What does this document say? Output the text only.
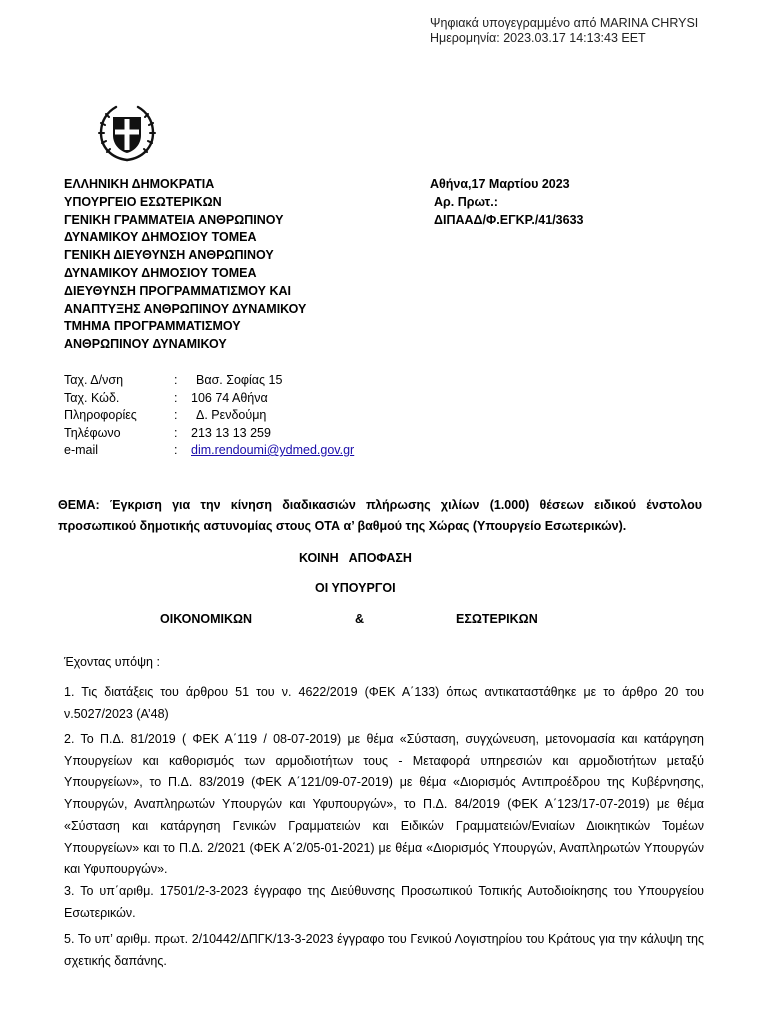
Ψηφιακά υπογεγραμμένο από MARINA CHRYSI
Ημερομηνία: 2023.03.17 14:13:43 EET
ΕΛΛΗΝΙΚΗ ΔΗΜΟΚΡΑΤΙΑ
ΥΠΟΥΡΓΕΙΟ ΕΣΩΤΕΡΙΚΩΝ
ΓΕΝΙΚΗ ΓΡΑΜΜΑΤΕΙΑ ΑΝΘΡΩΠΙΝΟΥ
ΔΥΝΑΜΙΚΟΥ ΔΗΜΟΣΙΟΥ ΤΟΜΕΑ
ΓΕΝΙΚΗ ΔΙΕΥΘΥΝΣΗ ΑΝΘΡΩΠΙΝΟΥ
ΔΥΝΑΜΙΚΟΥ ΔΗΜΟΣΙΟΥ ΤΟΜΕΑ
ΔΙΕΥΘΥΝΣΗ ΠΡΟΓΡΑΜΜΑΤΙΣΜΟΥ ΚΑΙ
ΑΝΑΠΤΥΞΗΣ ΑΝΘΡΩΠΙΝΟΥ ΔΥΝΑΜΙΚΟΥ
ΤΜΗΜΑ ΠΡΟΓΡΑΜΜΑΤΙΣΜΟΥ
ΑΝΘΡΩΠΙΝΟΥ ΔΥΝΑΜΙΚΟΥ
Αθήνα,17 Μαρτίου 2023
Αρ. Πρωτ.:
ΔΙΠΑΑΔ/Φ.ΕΓΚΡ./41/3633
Ταχ. Δ/νση	:	Βασ. Σοφίας 15
Ταχ. Κώδ.	:	106 74 Αθήνα
Πληροφορίες	:	Δ. Ρενδούμη
Τηλέφωνο	:	213 13 13 259
e-mail	:	dim.rendoumi@ydmed.gov.gr
ΘΕΜΑ: Έγκριση για την κίνηση διαδικασιών πλήρωσης χιλίων (1.000) θέσεων ειδικού ένστολου προσωπικού δημοτικής αστυνομίας στους ΟΤΑ α’ βαθμού της Χώρας (Υπουργείο Εσωτερικών).
ΚΟΙΝΗ   ΑΠΟΦΑΣΗ
ΟΙ ΥΠΟΥΡΓΟΙ
ΟΙΚΟΝΟΜΙΚΩΝ	&	ΕΣΩΤΕΡΙΚΩΝ
Έχοντας υπόψη :
1. Τις διατάξεις του άρθρου 51 του ν. 4622/2019 (ΦΕΚ Α΄133) όπως αντικαταστάθηκε με το άρθρο 20 του ν.5027/2023 (Α’48)
2. Το Π.Δ. 81/2019 ( ΦΕΚ Α΄119 / 08-07-2019) με θέμα «Σύσταση, συγχώνευση, μετονομασία και κατάργηση Υπουργείων και καθορισμός των αρμοδιοτήτων τους - Μεταφορά υπηρεσιών και αρμοδιοτήτων μεταξύ Υπουργείων», το Π.Δ. 83/2019 (ΦΕΚ Α΄121/09-07-2019) με θέμα «Διορισμός Αντιπροέδρου της Κυβέρνησης, Υπουργών, Αναπληρωτών Υπουργών και Υφυπουργών», το Π.Δ. 84/2019 (ΦΕΚ Α΄123/17-07-2019) με θέμα «Σύσταση και κατάργηση Γενικών Γραμματειών και Ειδικών Γραμματειών/Ενιαίων Διοικητικών Τομέων Υπουργείων» και το Π.Δ. 2/2021 (ΦΕΚ Α΄2/05-01-2021) με θέμα «Διορισμός Υπουργών, Αναπληρωτών Υπουργών και Υφυπουργών».
3. Το υπ΄αριθμ. 17501/2-3-2023 έγγραφο της Διεύθυνσης Προσωπικού Τοπικής Αυτοδιοίκησης του Υπουργείου Εσωτερικών.
5. Το υπ’ αριθμ. πρωτ. 2/10442/ΔΠΓΚ/13-3-2023 έγγραφο του Γενικού Λογιστηρίου του Κράτους για την κάλυψη της σχετικής δαπάνης.
